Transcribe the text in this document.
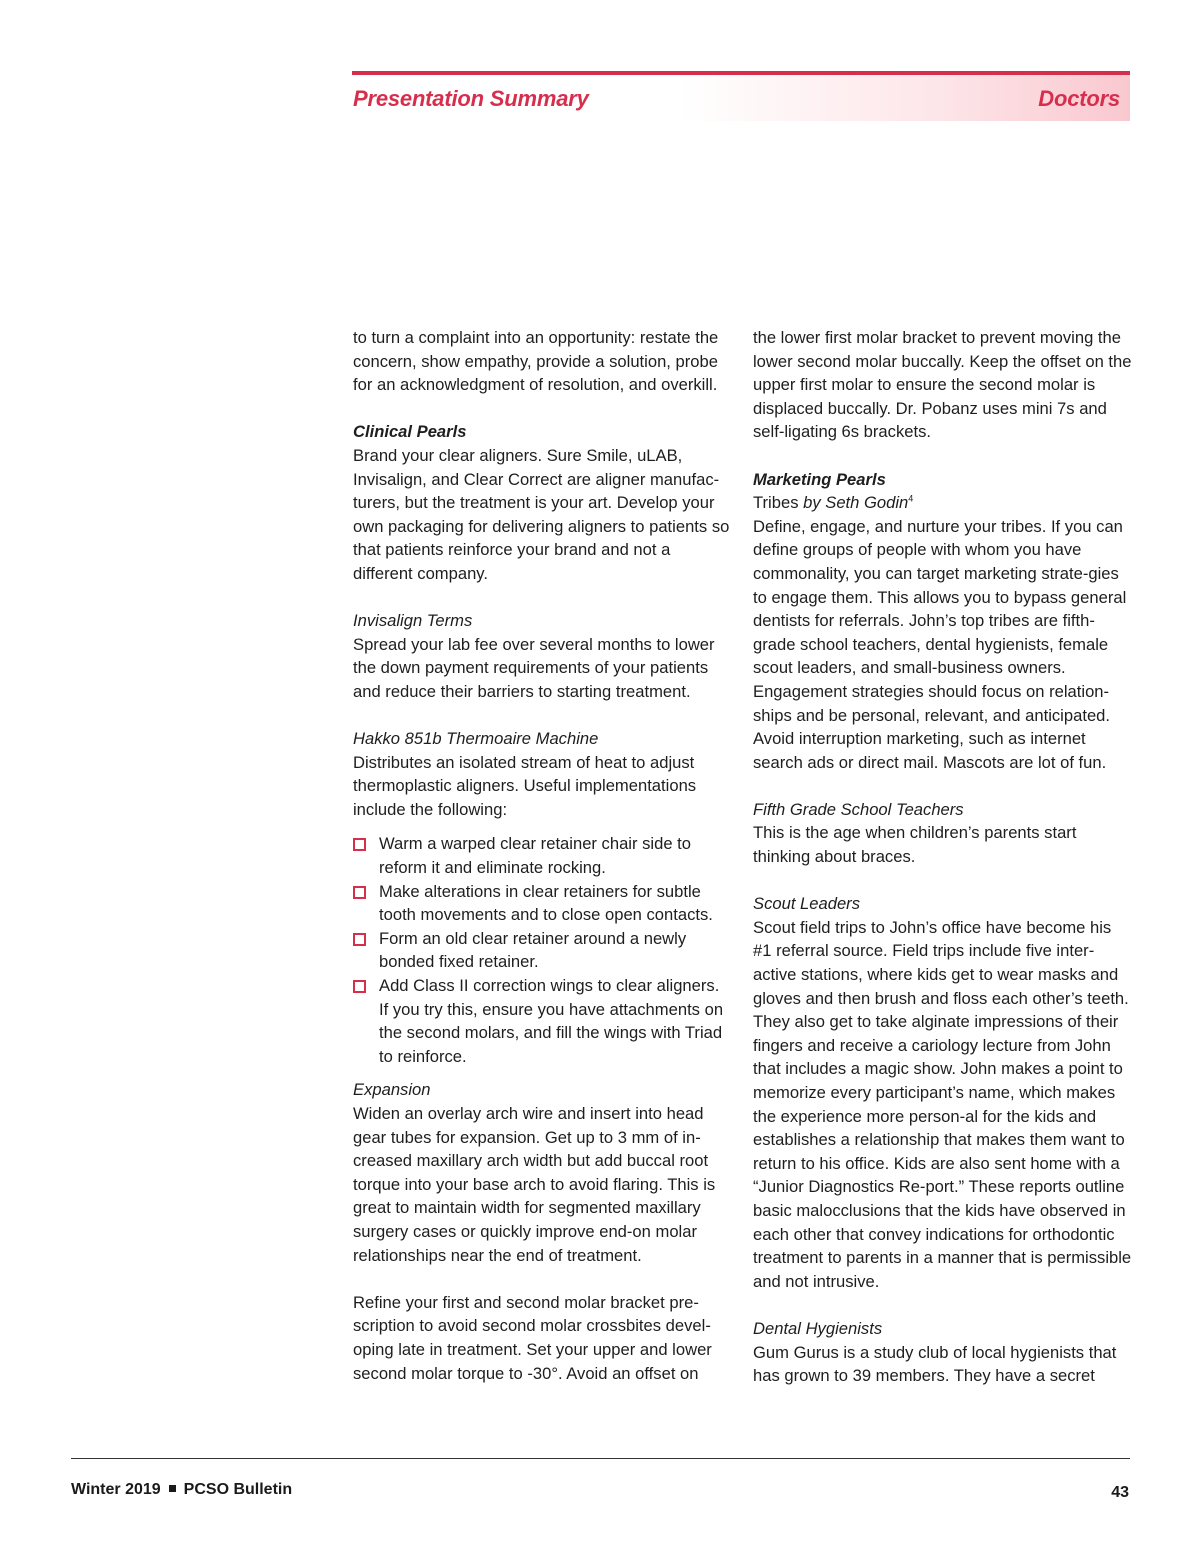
Presentation Summary	Doctors

to turn a complaint into an opportunity: restate the concern, show empathy, provide a solution, probe for an acknowledgment of resolution, and overkill.

Clinical Pearls

Brand your clear aligners. Sure Smile, uLAB, Invisalign, and Clear Correct are aligner manufac-turers, but the treatment is your art. Develop your own packaging for delivering aligners to patients so that patients reinforce your brand and not a different company.

Invisalign Terms

Spread your lab fee over several months to lower the down payment requirements of your patients and reduce their barriers to starting treatment.

Hakko 851b Thermoaire Machine

Distributes an isolated stream of heat to adjust thermoplastic aligners. Useful implementations include the following:

Warm a warped clear retainer chair side to reform it and eliminate rocking.
Make alterations in clear retainers for subtle tooth movements and to close open contacts.
Form an old clear retainer around a newly bonded fixed retainer.
Add Class II correction wings to clear aligners. If you try this, ensure you have attachments on the second molars, and fill the wings with Triad to reinforce.

Expansion

Widen an overlay arch wire and insert into head gear tubes for expansion. Get up to 3 mm of in-creased maxillary arch width but add buccal root torque into your base arch to avoid flaring. This is great to maintain width for segmented maxillary surgery cases or quickly improve end-on molar relationships near the end of treatment.

Refine your first and second molar bracket pre-scription to avoid second molar crossbites devel-oping late in treatment. Set your upper and lower second molar torque to -30°. Avoid an offset on

the lower first molar bracket to prevent moving the lower second molar buccally. Keep the offset on the upper first molar to ensure the second molar is displaced buccally. Dr. Pobanz uses mini 7s and self-ligating 6s brackets.

Marketing Pearls

Tribes by Seth Godin$^4$

Define, engage, and nurture your tribes. If you can define groups of people with whom you have commonality, you can target marketing strate-gies to engage them. This allows you to bypass general dentists for referrals. John’s top tribes are fifth-grade school teachers, dental hygienists, female scout leaders, and small-business owners. Engagement strategies should focus on relation-ships and be personal, relevant, and anticipated. Avoid interruption marketing, such as internet search ads or direct mail. Mascots are lot of fun.

Fifth Grade School Teachers

This is the age when children’s parents start thinking about braces.

Scout Leaders

Scout field trips to John’s office have become his #1 referral source. Field trips include five inter-active stations, where kids get to wear masks and gloves and then brush and floss each other’s teeth. They also get to take alginate impressions of their fingers and receive a cariology lecture from John that includes a magic show. John makes a point to memorize every participant’s name, which makes the experience more person-al for the kids and establishes a relationship that makes them want to return to his office. Kids are also sent home with a “Junior Diagnostics Re-port.” These reports outline basic malocclusions that the kids have observed in each other that convey indications for orthodontic treatment to parents in a manner that is permissible and not intrusive.

Dental Hygienists

Gum Gurus is a study club of local hygienists that has grown to 39 members. They have a secret

Winter 2019 PCSO Bulletin	43
